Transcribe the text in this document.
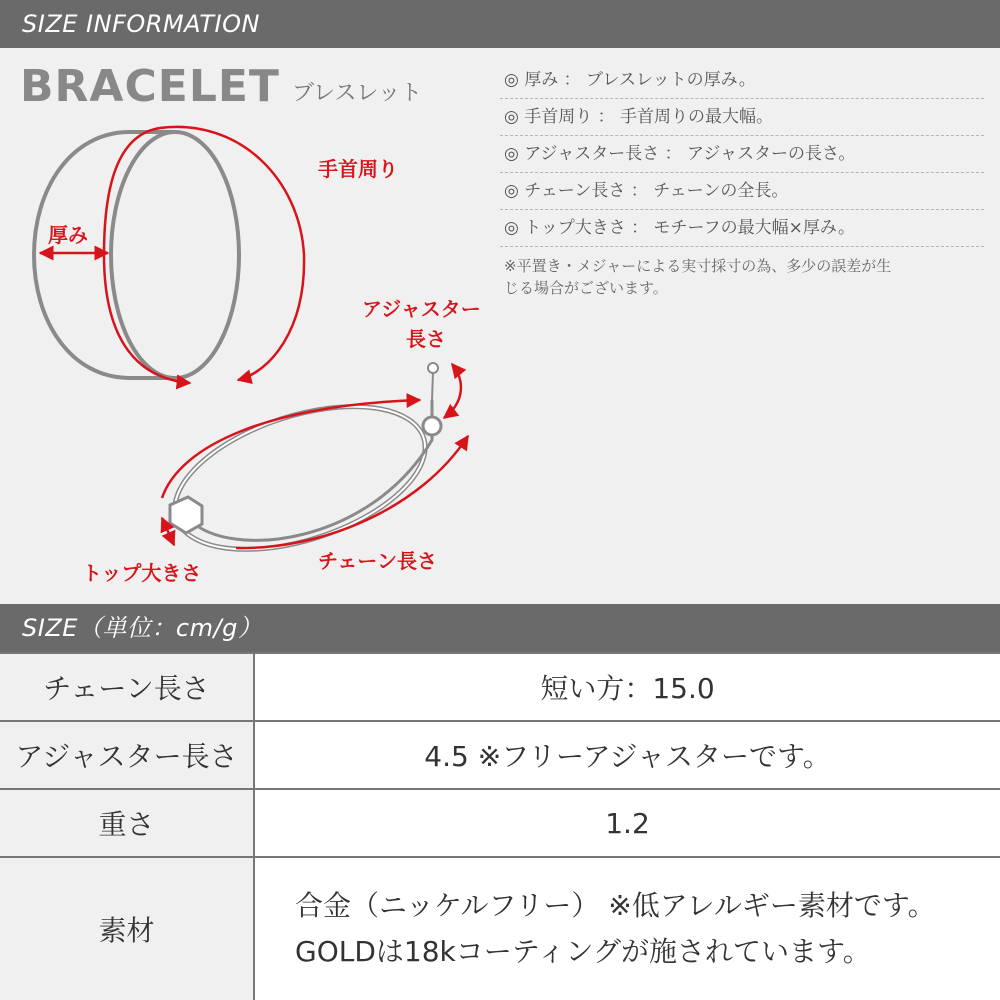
SIZE INFORMATION
BRACELET ブレスレット
手首周り
厚み
アジャスター
長さ
トップ大きさ	チェーン長さ
◎ 厚み ： ブレスレットの厚み。
◎ 手首周り ： 手首周りの最大幅。
◎ アジャスター長さ ： アジャスターの長さ。
◎ チェーン長さ ： チェーンの全長。
◎ トップ大きさ ： モチーフの最大幅×厚み。
※平置き・メジャーによる実寸採寸の為、多少の誤差が生
じる場合がございます。
SIZE（単位：cm/g）
チェーン長さ	短い方：15.0
アジャスター長さ	4.5 ※フリーアジャスターです。
重さ	1.2
素材	合金（ニッケルフリー） ※低アレルギー素材です。
GOLDは18kコーティングが施されています。
